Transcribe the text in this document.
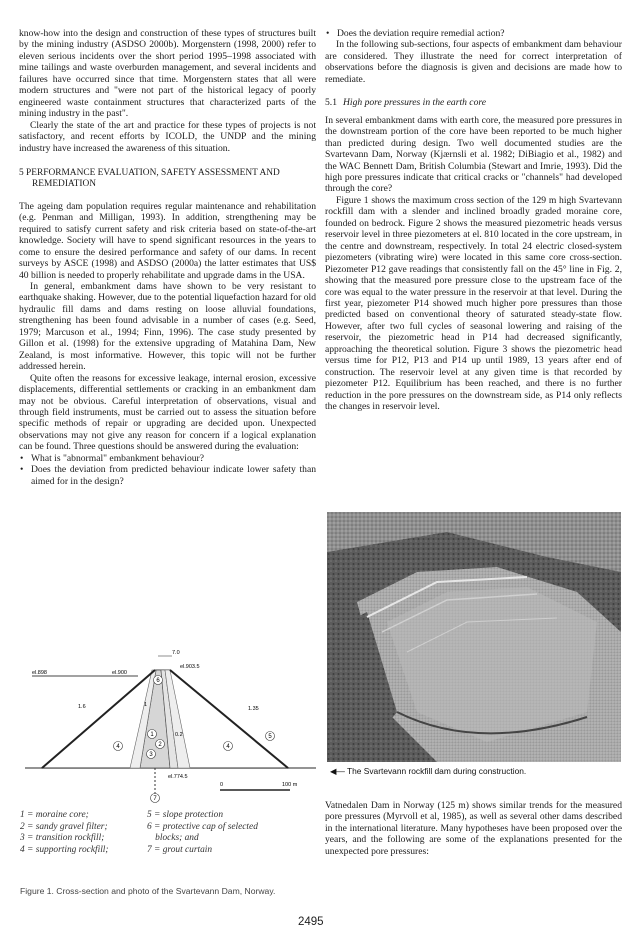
know-how into the design and construction of these types of structures built by the mining industry (ASDSO 2000b). Morgenstern (1998, 2000) refer to eleven serious incidents over the short period 1995–1998 associated with mine tailings and waste overburden management, and several incidents and failures have occurred since that time. Morgenstern states that all were modern structures and "were not part of the historical legacy of poorly engineered waste containment structures that characterized parts of the mining industry in the past".

Clearly the state of the art and practice for these types of projects is not satisfactory, and recent efforts by ICOLD, the UNDP and the mining industry have increased the awareness of this situation.

5 PERFORMANCE EVALUATION, SAFETY ASSESSMENT AND REMEDIATION

The ageing dam population requires regular maintenance and rehabilitation (e.g. Penman and Milligan, 1993). In addition, strengthening may be required to satisfy current safety and risk criteria based on state-of-the-art knowledge. Society will have to spend significant resources in the years to come to ensure the desired performance and safety of our dams. In recent surveys by ASCE (1998) and ASDSO (2000a) the latter estimates that US$ 40 billion is needed to properly rehabilitate and upgrade dams in the USA.

In general, embankment dams have shown to be very resistant to earthquake shaking. However, due to the potential liquefaction hazard for old hydraulic fill dams and dams resting on loose alluvial foundations, strengthening has been found advisable in a number of cases (e.g. Seed, 1979; Marcuson et al., 1994; Finn, 1996). The case study presented by Gillon et al. (1998) for the extensive upgrading of Matahina Dam, New Zealand, is most informative. However, this topic will not be further addressed herein.

Quite often the reasons for excessive leakage, internal erosion, excessive displacements, differential settlements or cracking in an embankment dam may not be obvious. Careful interpretation of observations, visual and through field instruments, must be carried out to assess the situation before specific methods of repair or upgrading are decided upon. Unexpected observations may not give any reason for concern if a logical explanation can be found. Three questions should be answered during the evaluation:

• What is "abnormal" embankment behaviour?
• Does the deviation from predicted behaviour indicate lower safety than aimed for in the design?
• Does the deviation require remedial action?

In the following sub-sections, four aspects of embankment dam behaviour are considered. They illustrate the need for correct interpretation of observations before the diagnosis is given and decisions are made how to remediate.

5.1 High pore pressures in the earth core

In several embankment dams with earth core, the measured pore pressures in the downstream portion of the core have been reported to be much higher than predicted during design. Two well documented studies are the Svartevann Dam, Norway (Kjærnsli et al. 1982; DiBiagio et al., 1982) and the WAC Bennett Dam, British Columbia (Stewart and Imrie, 1993). Did the high pore pressures indicate that critical cracks or "channels" had developed through the core?

Figure 1 shows the maximum cross section of the 129 m high Svartevann rockfill dam with a slender and inclined broadly graded moraine core, founded on bedrock. Figure 2 shows the measured piezometric heads versus reservoir level in three piezometers at el. 810 located in the core upstream, in the centre and downstream, respectively. In total 24 electric closed-system piezometers (vibrating wire) were located in this same core cross-section. Piezometer P12 gave readings that consistently fall on the 45° line in Fig. 2, showing that the measured pore pressure close to the upstream face of the core was equal to the water pressure in the reservoir at that level. During the first year, piezometer P14 showed much higher pore pressures than those predicted based on conventional theory of saturated steady-state flow. However, after two full cycles of seasonal lowering and raising of the reservoir, the piezometric head in P14 had decreased significantly, approaching the theoretical solution. Figure 3 shows the piezometric head versus time for P12, P13 and P14 up until 1989, 13 years after end of construction. The reservoir level at any given time is that recorded by piezometer P12. Equilibrium has been reached, and there is no further reduction in the pore pressures on the downstream side, as P14 only reflects the changes in reservoir level.

◀— The Svartevann rockfill dam during construction.
7.0
el.898	el.900
el.903.5
1.6	1
0.2
1.35
el.774.5
6
1
2
3
4	4
5
7
0	100 m
1 = moraine core;	5 = slope protection
2 = sandy gravel filter;	6 = protective cap of selected
3 = transition rockfill;	blocks; and
4 = supporting rockfill;	7 = grout curtain
Figure 1. Cross-section and photo of the Svartevann Dam, Norway.

Vatnedalen Dam in Norway (125 m) shows similar trends for the measured pore pressures (Myrvoll et al, 1985), as well as several other dams described in the international literature. Many hypotheses have been proposed over the years, and the following are some of the explanations presented for the unexpected pore pressures:

2495
